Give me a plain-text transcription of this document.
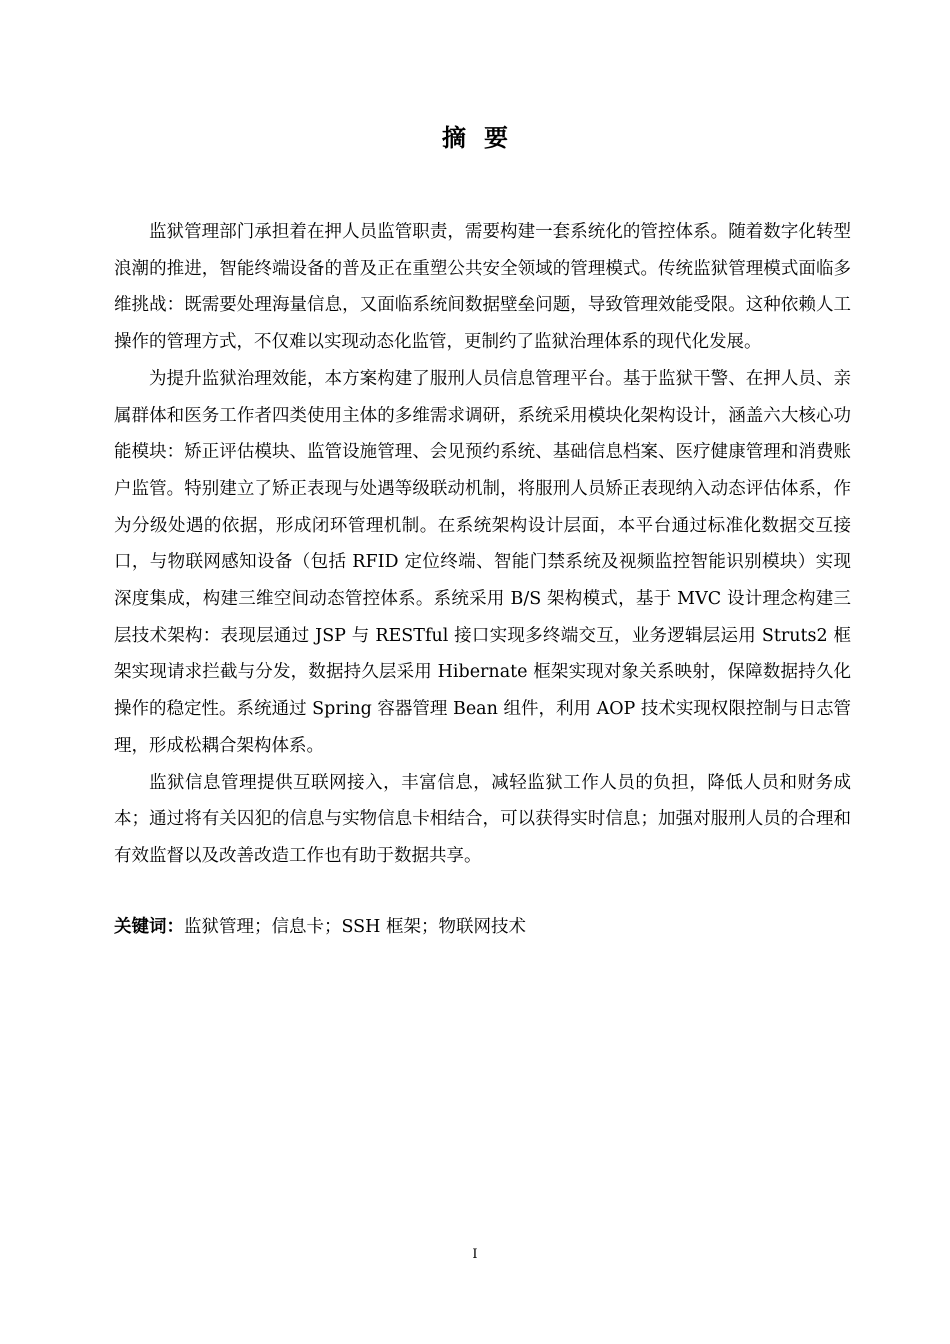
摘要

监狱管理部门承担着在押人员监管职责，需要构建一套系统化的管控体系。随着数字化转型浪潮的推进，智能终端设备的普及正在重塑公共安全领域的管理模式。传统监狱管理模式面临多维挑战：既需要处理海量信息，又面临系统间数据壁垒问题，导致管理效能受限。这种依赖人工操作的管理方式，不仅难以实现动态化监管，更制约了监狱治理体系的现代化发展。

为提升监狱治理效能，本方案构建了服刑人员信息管理平台。基于监狱干警、在押人员、亲属群体和医务工作者四类使用主体的多维需求调研，系统采用模块化架构设计，涵盖六大核心功能模块：矫正评估模块、监管设施管理、会见预约系统、基础信息档案、医疗健康管理和消费账户监管。特别建立了矫正表现与处遇等级联动机制，将服刑人员矫正表现纳入动态评估体系，作为分级处遇的依据，形成闭环管理机制。在系统架构设计层面，本平台通过标准化数据交互接口，与物联网感知设备（包括 RFID 定位终端、智能门禁系统及视频监控智能识别模块）实现深度集成，构建三维空间动态管控体系。系统采用 B/S 架构模式，基于 MVC 设计理念构建三层技术架构：表现层通过 JSP 与 RESTful 接口实现多终端交互，业务逻辑层运用 Struts2 框架实现请求拦截与分发，数据持久层采用 Hibernate 框架实现对象关系映射，保障数据持久化操作的稳定性。系统通过 Spring 容器管理 Bean 组件，利用 AOP 技术实现权限控制与日志管理，形成松耦合架构体系。

监狱信息管理提供互联网接入，丰富信息，减轻监狱工作人员的负担，降低人员和财务成本；通过将有关囚犯的信息与实物信息卡相结合，可以获得实时信息；加强对服刑人员的合理和有效监督以及改善改造工作也有助于数据共享。

关键词：监狱管理；信息卡；SSH 框架；物联网技术

I
